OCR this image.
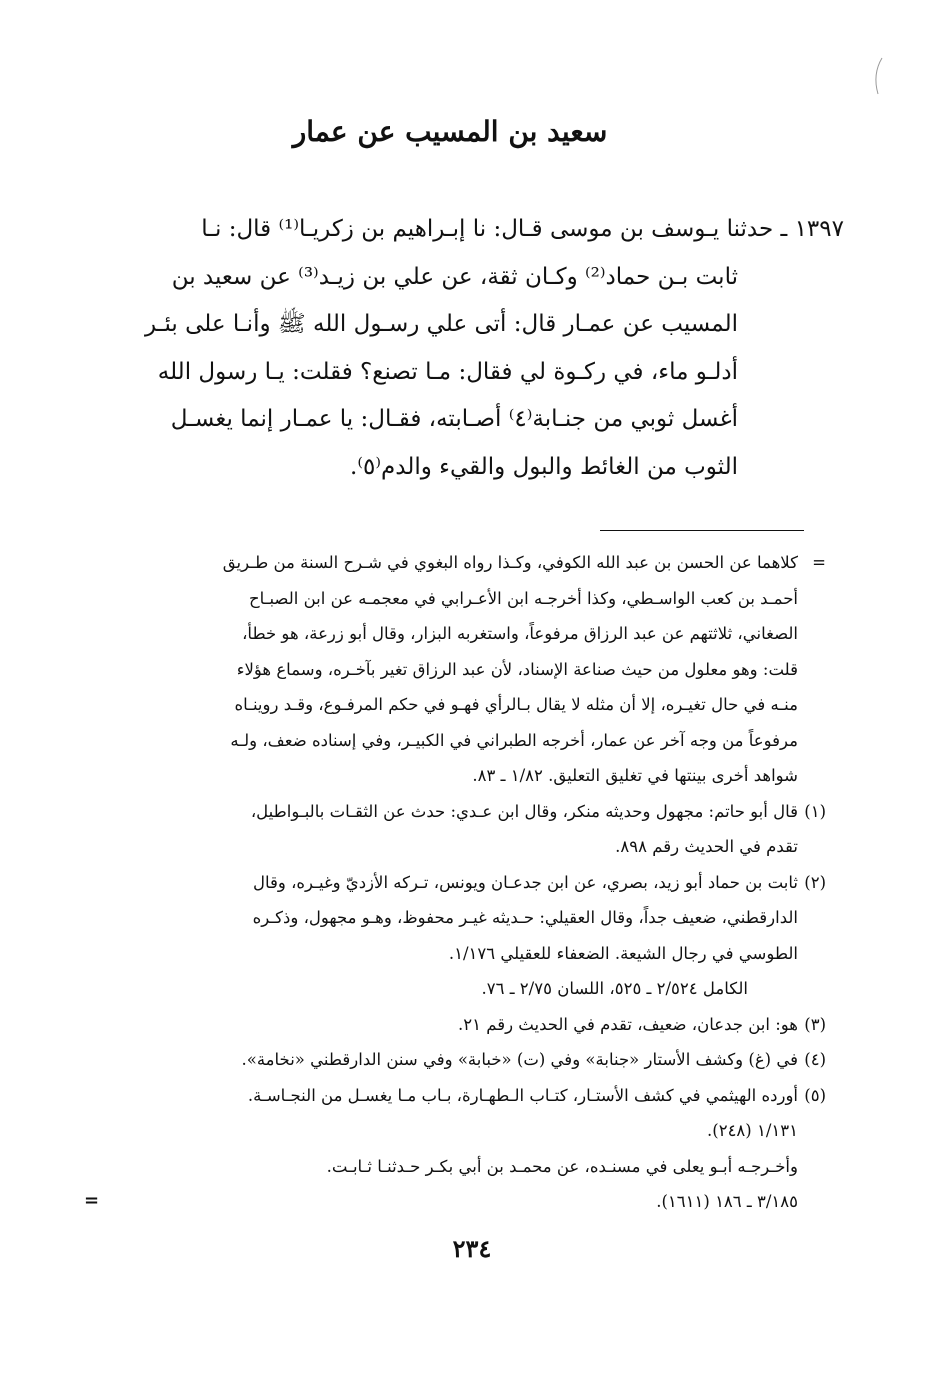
سعيد بن المسيب عن عمار
١٣٩٧ ـ حدثنا يـوسف بن موسى قـال: نا إبـراهيم بن زكريـا⁽¹⁾ قال: نـا
ثابت بـن حماد⁽²⁾ وكـان ثقة، عن علي بن زيـد⁽³⁾ عن سعيد بن
المسيب عن عمـار قال: أتى علي رسـول الله ﷺ وأنـا على بئـر
أدلـو ماء، في ركـوة لي فقال: مـا تصنع؟ فقلت: يـا رسول الله
أغسل ثوبي من جنـابة⁽٤⁾ أصـابته، فقـال: يا عمـار إنما يغسـل
الثوب من الغائط والبول والقيء والدم⁽٥⁾.
=
كلاهما عن الحسن بن عبد الله الكوفي، وكـذا رواه البغوي في شـرح السنة من طـريق
أحمـد بن كعب الواسـطي، وكذا أخرجـه ابن الأعـرابي في معجمـه عن ابن الصبـاح
الصغاني، ثلاثتهم عن عبد الرزاق مرفوعاً، واستغربه البزار، وقال أبو زرعة، هو خطأ،
قلت: وهو معلول من حيث صناعة الإسناد، لأن عبد الرزاق تغير بآخـره، وسماع هؤلاء
منـه في حال تغيـره، إلا أن مثله لا يقال بـالرأي فهـو في حكم المرفـوع، وقـد روينـاه
مرفوعاً من وجه آخر عن عمار، أخرجه الطبراني في الكبيـر، وفي إسناده ضعف، ولـه
شواهد أخرى بينتها في تغليق التعليق. ١/٨٢ ـ ٨٣.
(١)
قال أبو حاتم: مجهول وحديثه منكر، وقال ابن عـدي: حدث عن الثقـات بالبـواطيل،
تقدم في الحديث رقم ٨٩٨.
(٢)
ثابت بن حماد أبو زيد، بصري، عن ابن جدعـان ويونس، تـركه الأزديّ وغيـره، وقال
الدارقطني، ضعيف جداً، وقال العقيلي: حـديثه غيـر محفوظ، وهـو مجهول، وذكـره
الطوسي في رجال الشيعة. الضعفاء للعقيلي ١/١٧٦.
الكامل ٢/٥٢٤ ـ ٥٢٥، اللسان ٢/٧٥ ـ ٧٦.
(٣)
هو: ابن جدعان، ضعيف، تقدم في الحديث رقم ٢١.
(٤)
في (غ) وكشف الأستار «جنابة» وفي (ت) «خبابة» وفي سنن الدارقطني «نخامة».
(٥)
أورده الهيثمي في كشف الأستـار، كتـاب الـطهـارة، بـاب مـا يغسـل من النجـاسـة.
١/١٣١ (٢٤٨).
وأخـرجـه أبـو يعلى في مسنـده، عن محمـد بن أبي بكـر حـدثنـا ثـابـت.
٣/١٨٥ ـ ١٨٦ (١٦١١).
=
٢٣٤
